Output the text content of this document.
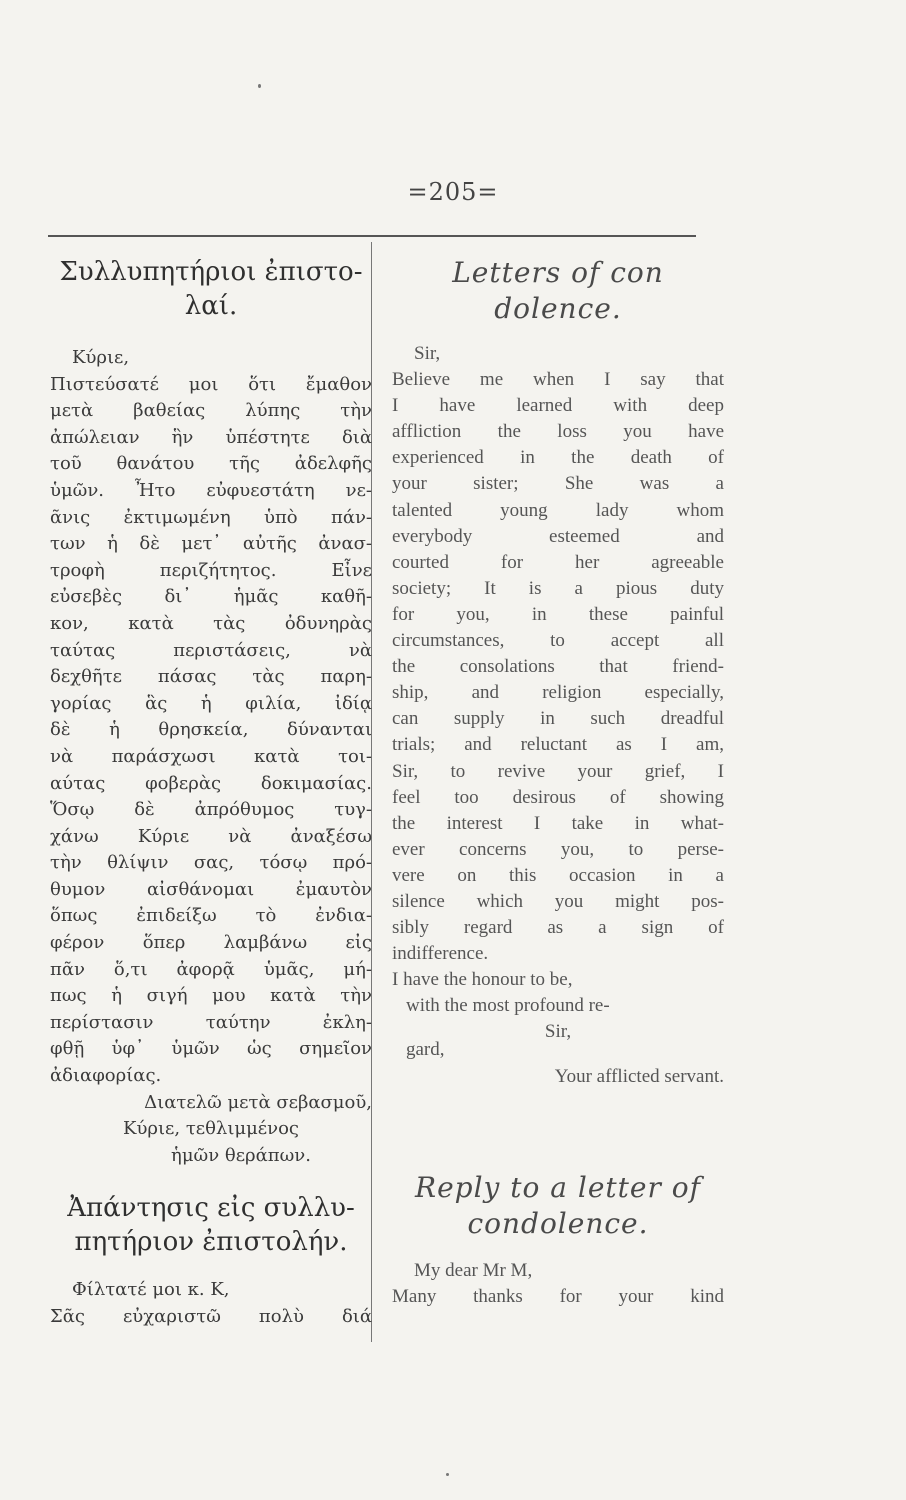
=205=
Συλλυπητήριοι ἐπιστο-
λαί.
Κύριε,
Πιστεύσατέ μοι ὅτι ἔμαθον
μετὰ βαθείας λύπης τὴν
ἀπώλειαν ἣν ὑπέστητε διὰ
τοῦ θανάτου τῆς ἀδελφῆς
ὑμῶν. Ἦτο εὐφυεστάτη νε-
ᾶνις ἐκτιμωμένη ὑπὸ πάν-
των ἡ δὲ μετ᾽ αὐτῆς ἀνασ-
τροφὴ περιζήτητος. Εἶνε
εὐσεβὲς δι᾽ ἡμᾶς καθῆ-
κον, κατὰ τὰς ὀδυνηρὰς
ταύτας περιστάσεις, νὰ
δεχθῆτε πάσας τὰς παρη-
γορίας ἃς ἡ φιλία, ἰδίᾳ
δὲ ἡ θρησκεία, δύνανται
νὰ παράσχωσι κατὰ τοι-
αύτας φοβερὰς δοκιμασίας.
Ὅσῳ δὲ ἀπρόθυμος τυγ-
χάνω Κύριε νὰ ἀναξέσω
τὴν θλίψιν σας, τόσῳ πρό-
θυμον αἰσθάνομαι ἐμαυτὸν
ὅπως ἐπιδείξω τὸ ἐνδια-
φέρον ὅπερ λαμβάνω εἰς
πᾶν ὅ,τι ἀφορᾷ ὑμᾶς, μή-
πως ἡ σιγή μου κατὰ τὴν
περίστασιν ταύτην ἐκλη-
φθῇ ὑφ᾽ ὑμῶν ὡς σημεῖον
ἀδιαφορίας.
Διατελῶ μετὰ σεβασμοῦ,
Κύριε, τεθλιμμένος
ἡμῶν θεράπων.
Ἀπάντησις εἰς συλλυ-
πητήριον ἐπιστολήν.
Φίλτατέ μοι κ. Κ,
Σᾶς εὐχαριστῶ πολὺ διά
Letters of con
dolence.
Sir,
Believe me when I say that
I have learned with deep
affliction the loss you have
experienced in the death of
your sister; She was a
talented young lady whom
everybody esteemed and
courted for her agreeable
society; It is a pious duty
for you, in these painful
circumstances, to accept all
the consolations that friend-
ship, and religion especially,
can supply in such dreadful
trials; and reluctant as I am,
Sir, to revive your grief, I
feel too desirous of showing
the interest I take in what-
ever concerns you, to perse-
vere on this occasion in a
silence which you might pos-
sibly regard as a sign of
indifference.
I have the honour to be,
with the most profound re-
Sir,
gard,
Your afflicted servant.
Reply to a letter of
condolence.
My dear Mr M,
Many thanks for your kind
